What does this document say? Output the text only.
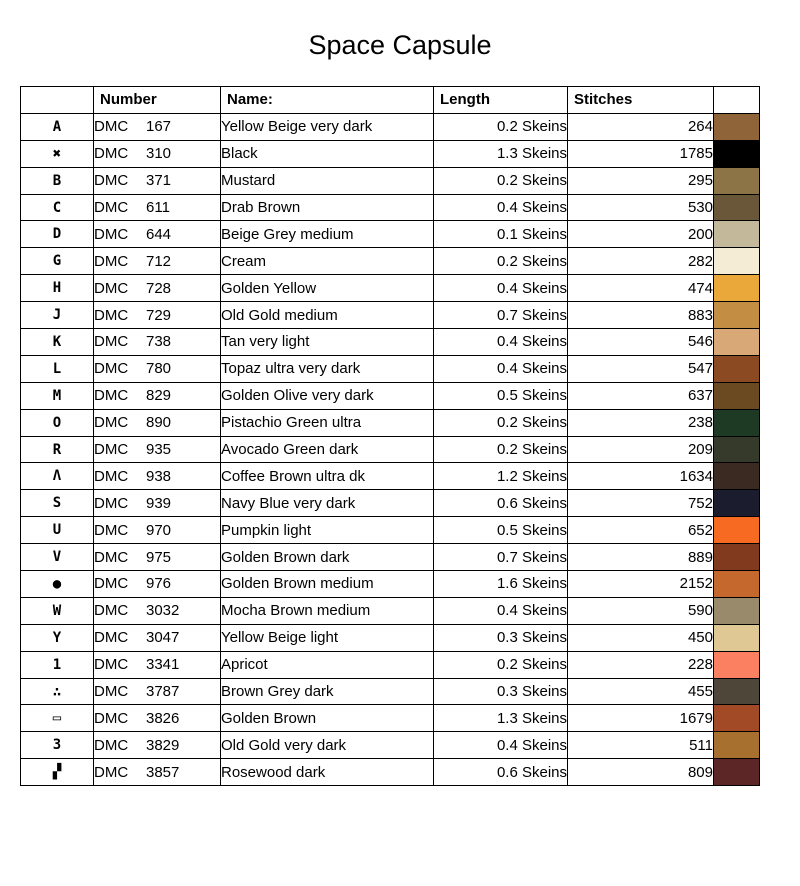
Space Capsule
	Number	Name:	Length	Stitches	
A	DMC 167	Yellow Beige very dark	0.2 Skeins	264	

✖	DMC 310	Black	1.3 Skeins	1785	

B	DMC 371	Mustard	0.2 Skeins	295	

C	DMC 611	Drab Brown	0.4 Skeins	530	

D	DMC 644	Beige Grey medium	0.1 Skeins	200	

G	DMC 712	Cream	0.2 Skeins	282	

H	DMC 728	Golden Yellow	0.4 Skeins	474	

J	DMC 729	Old Gold medium	0.7 Skeins	883	

K	DMC 738	Tan very light	0.4 Skeins	546	

L	DMC 780	Topaz ultra very dark	0.4 Skeins	547	

M	DMC 829	Golden Olive very dark	0.5 Skeins	637	

O	DMC 890	Pistachio Green ultra	0.2 Skeins	238	

R	DMC 935	Avocado Green dark	0.2 Skeins	209	

Λ	DMC 938	Coffee Brown ultra dk	1.2 Skeins	1634	

S	DMC 939	Navy Blue very dark	0.6 Skeins	752	

U	DMC 970	Pumpkin light	0.5 Skeins	652	

V	DMC 975	Golden Brown dark	0.7 Skeins	889	

●	DMC 976	Golden Brown medium	1.6 Skeins	2152	

W	DMC 3032	Mocha Brown medium	0.4 Skeins	590	

Y	DMC 3047	Yellow Beige light	0.3 Skeins	450	

1	DMC 3341	Apricot	0.2 Skeins	228	

∴	DMC 3787	Brown Grey dark	0.3 Skeins	455	

▭	DMC 3826	Golden Brown	1.3 Skeins	1679	

3	DMC 3829	Old Gold very dark	0.4 Skeins	511	

▞	DMC 3857	Rosewood dark	0.6 Skeins	809	
